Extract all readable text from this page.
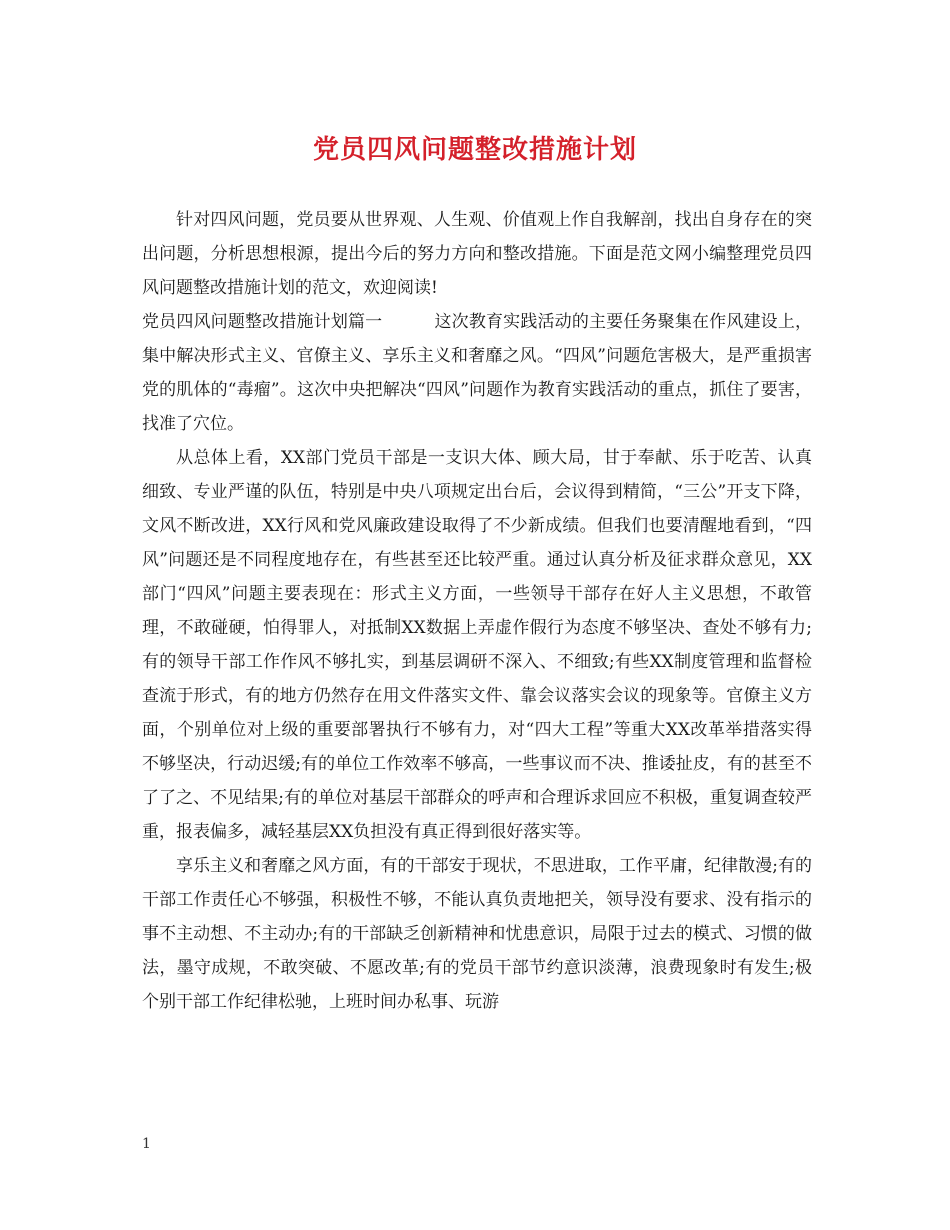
党员四风问题整改措施计划

针对四风问题，党员要从世界观、人生观、价值观上作自我解剖，找出自身存在的突出问题，分析思想根源，提出今后的努力方向和整改措施。下面是范文网小编整理党员四风问题整改措施计划的范文，欢迎阅读!

党员四风问题整改措施计划篇一	这次教育实践活动的主要任务聚集在作风建设上，集中解决形式主义、官僚主义、享乐主义和奢靡之风。“四风”问题危害极大，是严重损害党的肌体的“毒瘤”。这次中央把解决“四风”问题作为教育实践活动的重点，抓住了要害，找准了穴位。

从总体上看，XX部门党员干部是一支识大体、顾大局，甘于奉献、乐于吃苦、认真细致、专业严谨的队伍，特别是中央八项规定出台后，会议得到精简，“三公”开支下降，文风不断改进，XX行风和党风廉政建设取得了不少新成绩。但我们也要清醒地看到，“四风”问题还是不同程度地存在，有些甚至还比较严重。通过认真分析及征求群众意见，XX部门“四风”问题主要表现在：形式主义方面，一些领导干部存在好人主义思想，不敢管理，不敢碰硬，怕得罪人，对抵制XX数据上弄虚作假行为态度不够坚决、查处不够有力;有的领导干部工作作风不够扎实，到基层调研不深入、不细致;有些XX制度管理和监督检查流于形式，有的地方仍然存在用文件落实文件、靠会议落实会议的现象等。官僚主义方面，个别单位对上级的重要部署执行不够有力，对“四大工程”等重大XX改革举措落实得不够坚决，行动迟缓;有的单位工作效率不够高，一些事议而不决、推诿扯皮，有的甚至不了了之、不见结果;有的单位对基层干部群众的呼声和合理诉求回应不积极，重复调查较严重，报表偏多，减轻基层XX负担没有真正得到很好落实等。

享乐主义和奢靡之风方面，有的干部安于现状，不思进取，工作平庸，纪律散漫;有的干部工作责任心不够强，积极性不够，不能认真负责地把关，领导没有要求、没有指示的事不主动想、不主动办;有的干部缺乏创新精神和忧患意识，局限于过去的模式、习惯的做法，墨守成规，不敢突破、不愿改革;有的党员干部节约意识淡薄，浪费现象时有发生;极个别干部工作纪律松驰，上班时间办私事、玩游

1
